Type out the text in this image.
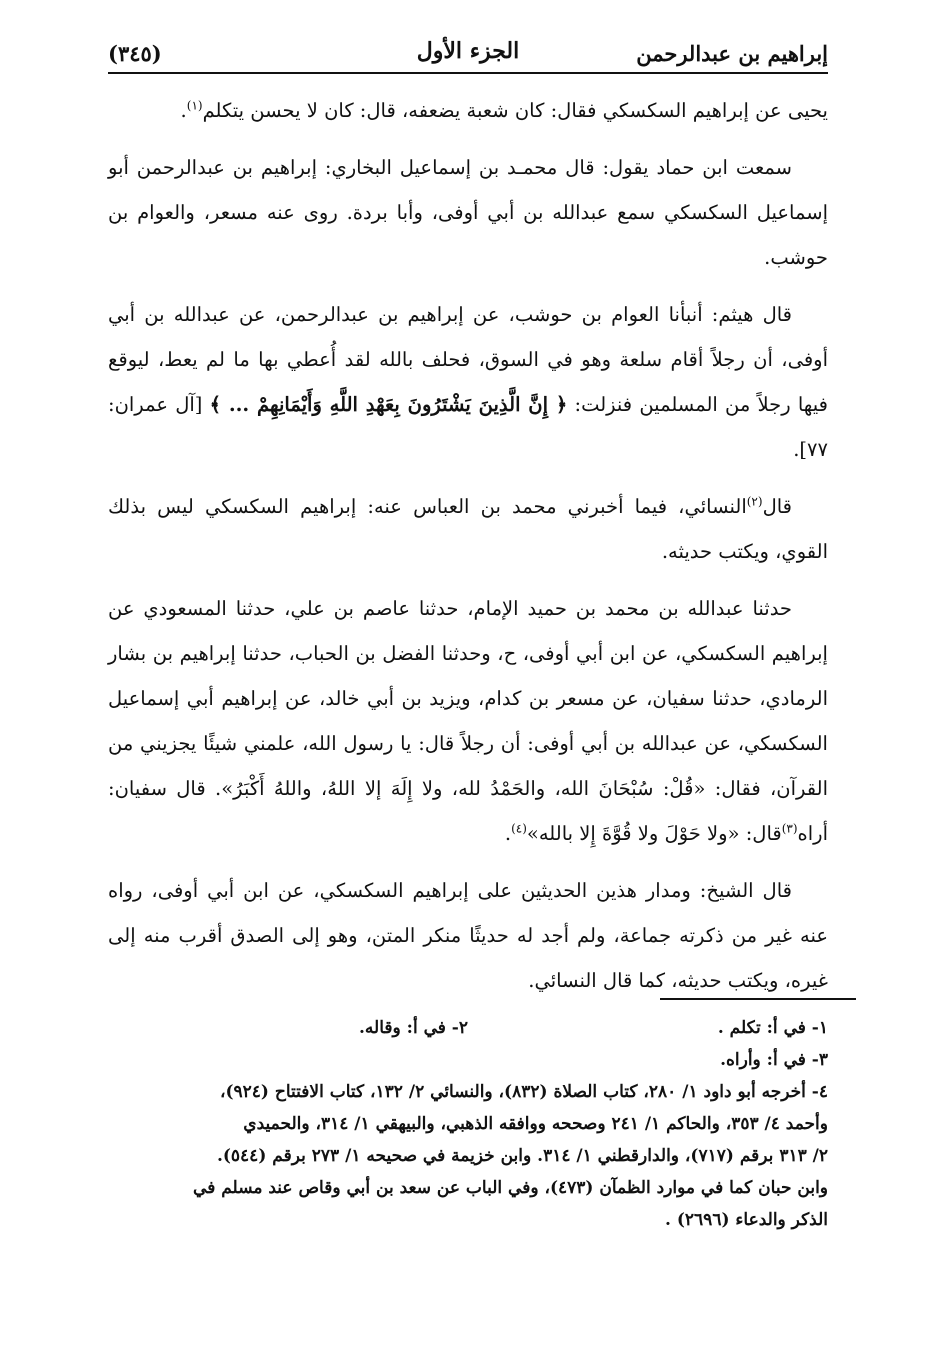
إبراهيم بن عبدالرحمن
الجزء الأول
(٣٤٥)

يحيى عن إبراهيم السكسكي فقال: كان شعبة يضعفه، قال: كان لا يحسن يتكلم$^{(١)}$.

سمعت ابن حماد يقول: قال محمـد بن إسماعيل البخاري: إبراهيم بن عبدالرحمن أبو إسماعيل السكسكي سمع عبدالله بن أبي أوفى، وأبا بردة. روى عنه مسعر، والعوام بن حوشب.

قال هيثم: أنبأنا العوام بن حوشب، عن إبراهيم بن عبدالرحمن، عن عبدالله بن أبي أوفى، أن رجلاً أقام سلعة وهو في السوق، فحلف بالله لقد أُعطي بها ما لم يعط، ليوقع فيها رجلاً من المسلمين فنزلت: ﴿ إِنَّ الَّذِينَ يَشْتَرُونَ بِعَهْدِ اللَّهِ وَأَيْمَانِهِمْ ... ﴾ [آل عمران: ٧٧].

قال$^{(٢)}$النسائي، فيما أخبرني محمد بن العباس عنه: إبراهيم السكسكي ليس بذلك القوي، ويكتب حديثه.

حدثنا عبدالله بن محمد بن حميد الإمام، حدثنا عاصم بن علي، حدثنا المسعودي عن إبراهيم السكسكي، عن ابن أبي أوفى، ح، وحدثنا الفضل بن الحباب، حدثنا إبراهيم بن بشار الرمادي، حدثنا سفيان، عن مسعر بن كدام، ويزيد بن أبي خالد، عن إبراهيم أبي إسماعيل السكسكي، عن عبدالله بن أبي أوفى: أن رجلاً قال: يا رسول الله، علمني شيئًا يجزيني من القرآن، فقال: «قُلْ: سُبْحَانَ الله، والحَمْدُ لله، ولا إِلَهَ إلا اللهُ، واللهُ أَكْبَرُ». قال سفيان: أراه$^{(٣)}$قال: «ولا حَوْلَ ولا قُوَّةَ إِلا بالله»$^{(٤)}$.

قال الشيخ: ومدار هذين الحديثين على إبراهيم السكسكي، عن ابن أبي أوفى، رواه عنه غير من ذكرته جماعة، ولم أجد له حديثًا منكر المتن، وهو إلى الصدق أقرب منه إلى غيره، ويكتب حديثه، كما قال النسائي.

١- في أ: تكلم .
٢- في أ: وقاله.
٣- في أ: وأراه.
٤- أخرجه أبو داود ١/ ٢٨٠، كتاب الصلاة (٨٣٢)، والنسائي ٢/ ١٣٢، كتاب الافتتاح (٩٢٤)،
وأحمد ٤/ ٣٥٣، والحاكم ١/ ٢٤١ وصححه ووافقه الذهبي، والبيهقي ١/ ٣١٤، والحميدي
٢/ ٣١٣ برقم (٧١٧)، والدارقطني ١/ ٣١٤. وابن خزيمة في صحيحه ١/ ٢٧٣ برقم (٥٤٤).
وابن حبان كما في موارد الظمآن (٤٧٣)، وفي الباب عن سعد بن أبي وقاص عند مسلم في
الذكر والدعاء (٢٦٩٦) .
